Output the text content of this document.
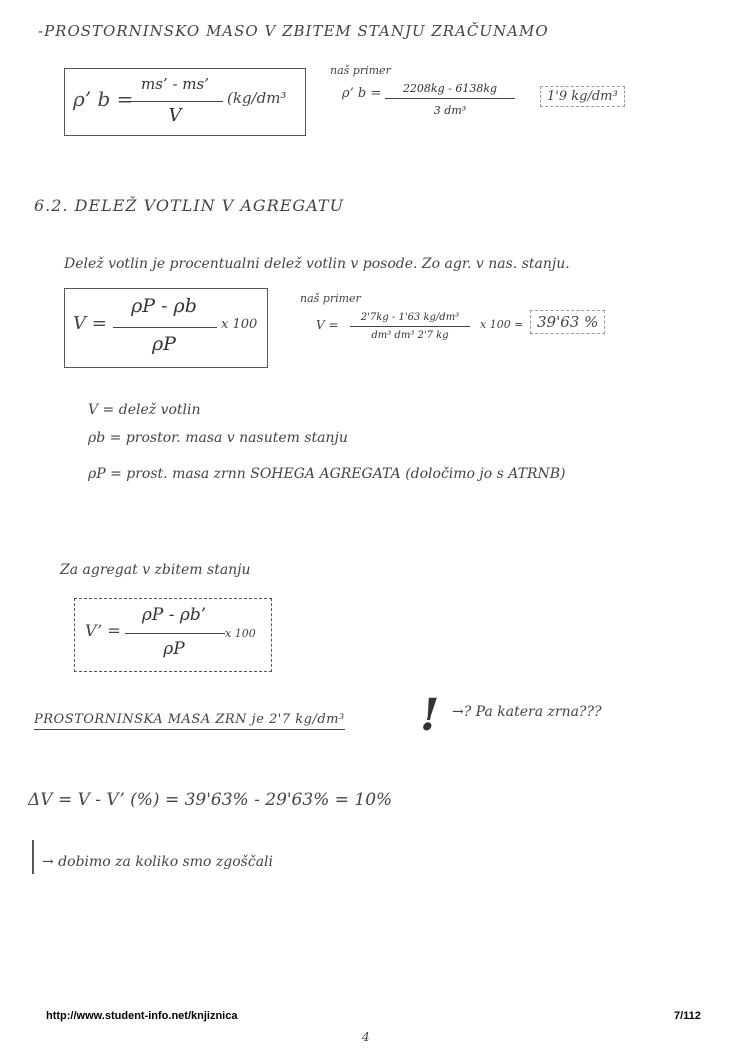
-PROSTORNINSKO MASO V ZBITEM STANJU ZRAČUNAMO
ρ’ b =
ms’ - ms’
V
(kg/dm³
naš primer
ρ’ b =	2208kg - 6138kg
3 dm³
1'9 kg/dm³
6.2. DELEŽ VOTLIN V AGREGATU
Delež votlin je procentualni delež votlin v posode. Zo agr. v nas. stanju.
V =
ρP - ρb
ρP
x 100
naš primer
V =
2'7kg - 1'63 kg/dm³
dm³ dm³ 2'7 kg
x 100 = 39'63 %
V = delež votlin
ρb = prostor. masa v nasutem stanju
ρP = prost. masa zrnn SOHEGA AGREGATA (določimo jo s ATRNB)
Za agregat v zbitem stanju
V’ =
ρP - ρb’
ρP
x 100
PROSTORNINSKA MASA ZRN je 2'7 kg/dm³ ! →? Pa katera zrna???
ΔV = V - V’ (%) = 39'63% - 29'63% = 10%
→ dobimo za koliko smo zgoščali
http://www.student-info.net/knjiznica	7/112
4
